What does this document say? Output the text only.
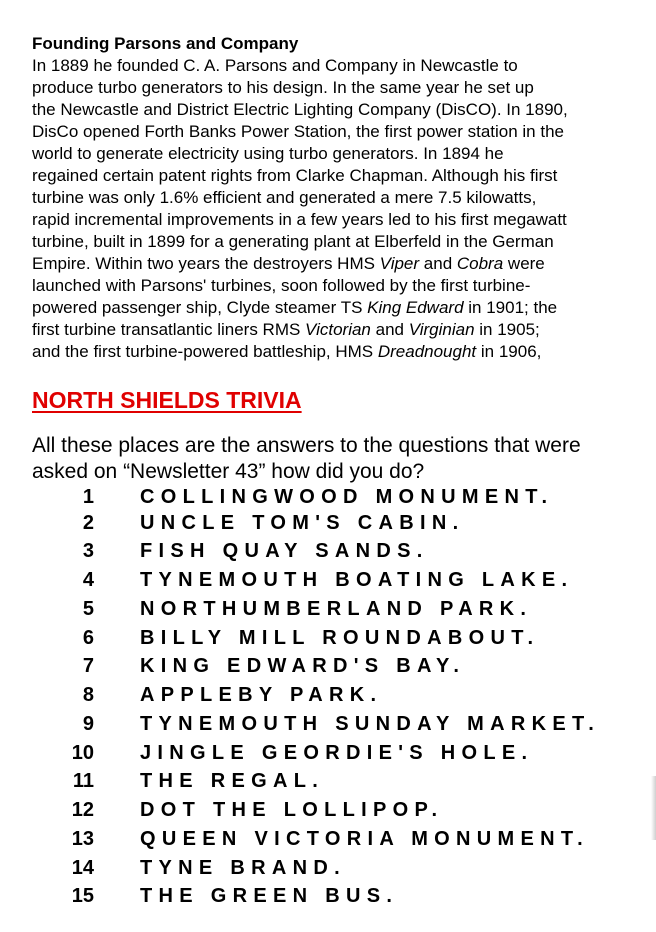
Founding Parsons and Company

In 1889 he founded C. A. Parsons and Company in Newcastle to
produce turbo generators to his design. In the same year he set up
the Newcastle and District Electric Lighting Company (DisCO). In 1890,
DisCo opened Forth Banks Power Station, the first power station in the
world to generate electricity using turbo generators. In 1894 he
regained certain patent rights from Clarke Chapman. Although his first
turbine was only 1.6% efficient and generated a mere 7.5 kilowatts,
rapid incremental improvements in a few years led to his first megawatt
turbine, built in 1899 for a generating plant at Elberfeld in the German
Empire. Within two years the destroyers HMS Viper and Cobra were
launched with Parsons' turbines, soon followed by the first turbine-
powered passenger ship, Clyde steamer TS King Edward in 1901; the
first turbine transatlantic liners RMS Victorian and Virginian in 1905;
and the first turbine-powered battleship, HMS Dreadnought in 1906,

NORTH SHIELDS TRIVIA

All these places are the answers to the questions that were
asked on “Newsletter 43” how did you do?

1 COLLINGWOOD MONUMENT.
2 UNCLE TOM'S CABIN.
3 FISH QUAY SANDS.
4 TYNEMOUTH BOATING LAKE.
5 NORTHUMBERLAND PARK.
6 BILLY MILL ROUNDABOUT.
7 KING EDWARD'S BAY.
8 APPLEBY PARK.
9 TYNEMOUTH SUNDAY MARKET.
10 JINGLE GEORDIE'S HOLE.
11 THE REGAL.
12 DOT THE LOLLIPOP.
13 QUEEN VICTORIA MONUMENT.
14 TYNE BRAND.
15 THE GREEN BUS.
